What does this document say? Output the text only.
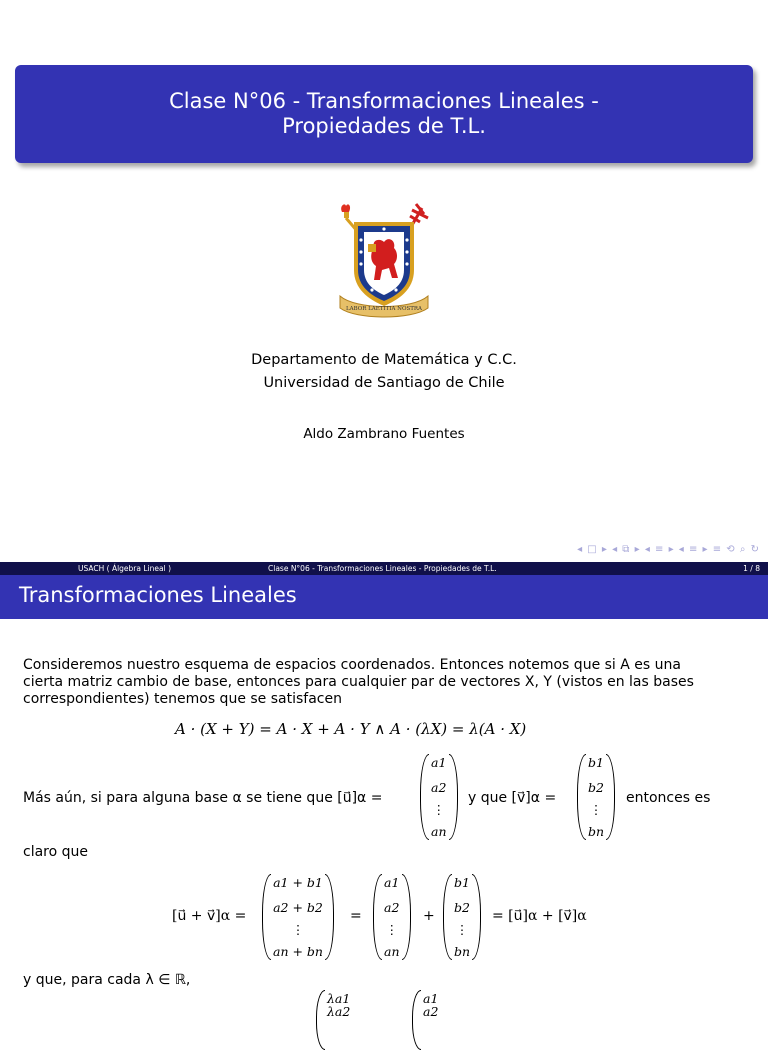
Clase N°06 - Transformaciones Lineales -
Propiedades de T.L.
LABOR LAETITIA NOSTRA
Departamento de Matemática y C.C.
Universidad de Santiago de Chile
Aldo Zambrano Fuentes
◂ □ ▸ ◂ ⧉ ▸ ◂ ≡ ▸ ◂ ≡ ▸ ≡ ⟲ ⌕ ↻
USACH ( Álgebra Lineal )	Clase N°06 - Transformaciones Lineales - Propiedades de T.L.	1 / 8
Transformaciones Lineales
Consideremos nuestro esquema de espacios coordenados. Entonces notemos que si A es una
cierta matriz cambio de base, entonces para cualquier par de vectores X, Y (vistos en las bases
correspondientes) tenemos que se satisfacen
A · (X + Y) = A · X + A · Y ∧ A · (λX) = λ(A · X)
Más aún, si para alguna base α se tiene que [u⃗]α =
a1
a2
⋮
an
y que [v⃗]α =
b1
b2
⋮
bn
entonces es
claro que
[u⃗ + v⃗]α =
a1 + b1
a2 + b2
⋮
an + bn
=
a1
a2
⋮
an
+
b1
b2
⋮
bn
= [u⃗]α + [v⃗]α
y que, para cada λ ∈ ℝ,
λa1
λa2
a1
a2
